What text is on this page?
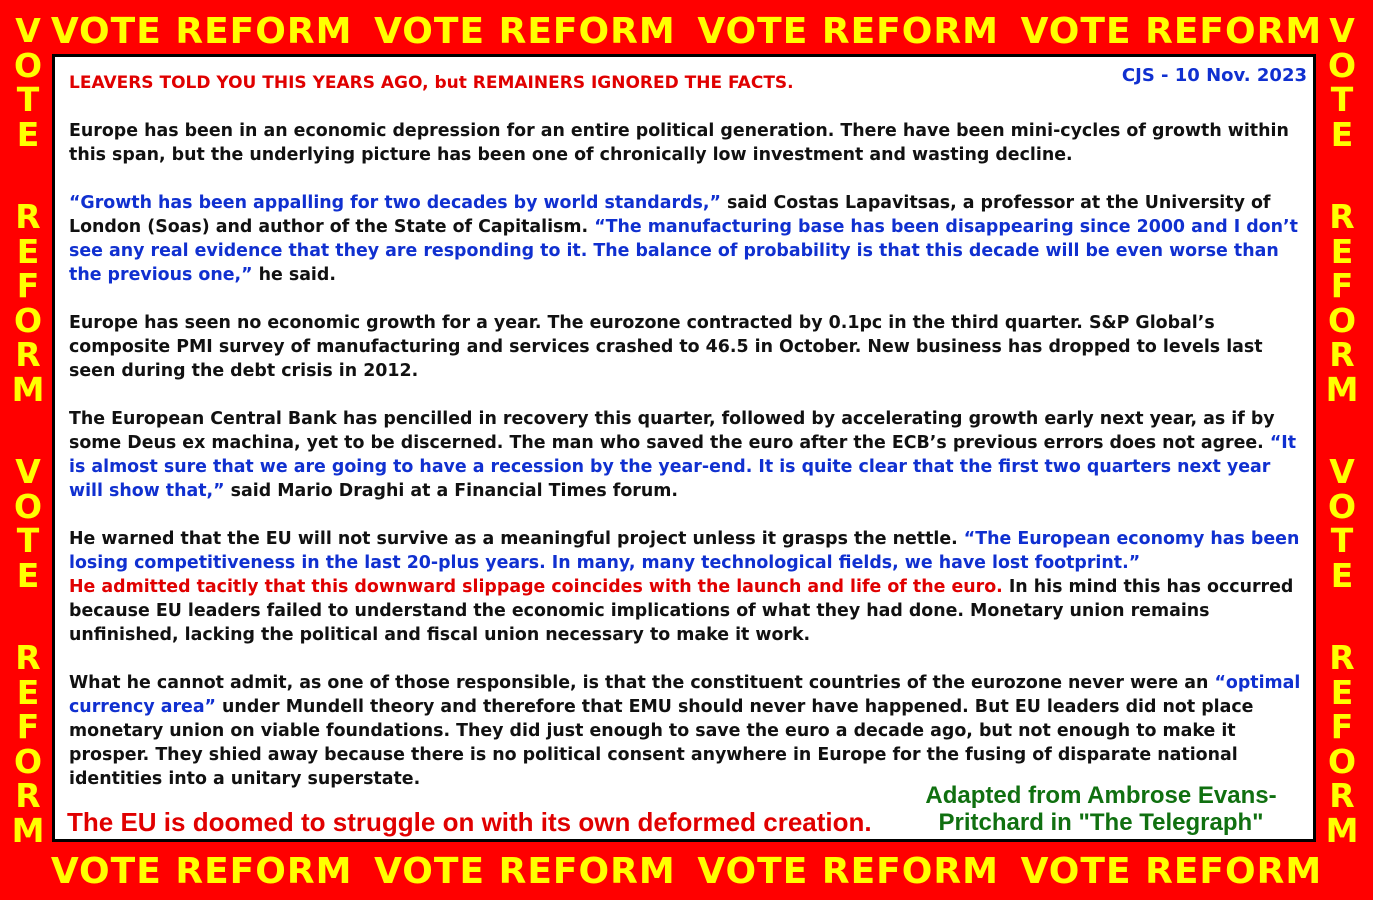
VOTE REFORM VOTE REFORM VOTE REFORM VOTE REFORM
VOTE REFORM VOTE REFORM VOTE REFORM VOTE REFORM
V
O
T
E
R
E
F
O
R
M
V
O
T
E
R
E
F
O
R
M
V
O
T
E
R
E
F
O
R
M
V
O
T
E
R
E
F
O
R
M
CJS - 10 Nov. 2023

LEAVERS TOLD YOU THIS YEARS AGO, but REMAINERS IGNORED THE FACTS.

Europe has been in an economic depression for an entire political generation. There have been mini-cycles of growth within this span, but the underlying picture has been one of chronically low investment and wasting decline.

“Growth has been appalling for two decades by world standards,” said Costas Lapavitsas, a professor at the University of London (Soas) and author of the State of Capitalism. “The manufacturing base has been disappearing since 2000 and I don’t see any real evidence that they are responding to it. The balance of probability is that this decade will be even worse than the previous one,” he said.

Europe has seen no economic growth for a year. The eurozone contracted by 0.1pc in the third quarter. S&P Global’s composite PMI survey of manufacturing and services crashed to 46.5 in October. New business has dropped to levels last seen during the debt crisis in 2012.

The European Central Bank has pencilled in recovery this quarter, followed by accelerating growth early next year, as if by some Deus ex machina, yet to be discerned. The man who saved the euro after the ECB’s previous errors does not agree. “It is almost sure that we are going to have a recession by the year-end. It is quite clear that the first two quarters next year will show that,” said Mario Draghi at a Financial Times forum.

He warned that the EU will not survive as a meaningful project unless it grasps the nettle. “The European economy has been losing competitiveness in the last 20-plus years. In many, many technological fields, we have lost footprint.”
He admitted tacitly that this downward slippage coincides with the launch and life of the euro. In his mind this has occurred because EU leaders failed to understand the economic implications of what they had done. Monetary union remains unfinished, lacking the political and fiscal union necessary to make it work.

What he cannot admit, as one of those responsible, is that the constituent countries of the eurozone never were an “optimal currency area” under Mundell theory and therefore that EMU should never have happened. But EU leaders did not place monetary union on viable foundations. They did just enough to save the euro a decade ago, but not enough to make it prosper. They shied away because there is no political consent anywhere in Europe for the fusing of disparate national identities into a unitary superstate.

The EU is doomed to struggle on with its own deformed creation.
Adapted from Ambrose Evans-
Pritchard in "The Telegraph"
